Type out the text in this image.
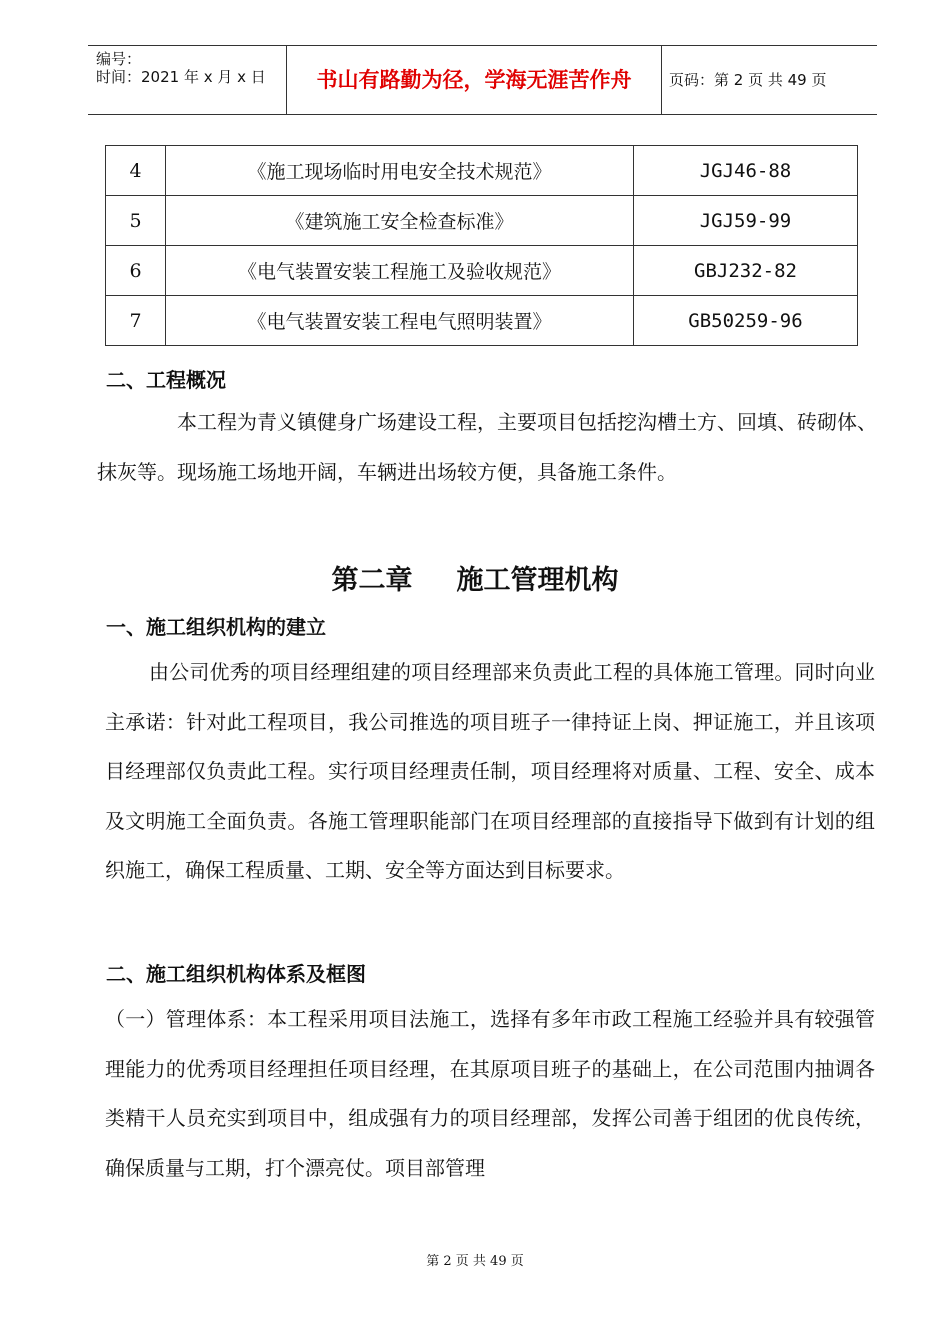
编号：
时间：2021 年 x 月 x 日	书山有路勤为径，学海无涯苦作舟	页码：第 2 页 共 49 页
4	《施工现场临时用电安全技术规范》	JGJ46-88
5	《建筑施工安全检查标准》	JGJ59-99
6	《电气装置安装工程施工及验收规范》	GBJ232-82
7	《电气装置安装工程电气照明装置》	GB50259-96
二、工程概况
本工程为青义镇健身广场建设工程，主要项目包括挖沟槽土方、回填、砖砌体、抹灰等。现场施工场地开阔，车辆进出场较方便，具备施工条件。
第二章 施工管理机构
一、施工组织机构的建立
由公司优秀的项目经理组建的项目经理部来负责此工程的具体施工管理。同时向业主承诺：针对此工程项目，我公司推选的项目班子一律持证上岗、押证施工，并且该项目经理部仅负责此工程。实行项目经理责任制，项目经理将对质量、工程、安全、成本及文明施工全面负责。各施工管理职能部门在项目经理部的直接指导下做到有计划的组织施工，确保工程质量、工期、安全等方面达到目标要求。
二、施工组织机构体系及框图
（一）管理体系：本工程采用项目法施工，选择有多年市政工程施工经验并具有较强管理能力的优秀项目经理担任项目经理，在其原项目班子的基础上，在公司范围内抽调各类精干人员充实到项目中，组成强有力的项目经理部，发挥公司善于组团的优良传统，确保质量与工期，打个漂亮仗。项目部管理
第 2 页 共 49 页
